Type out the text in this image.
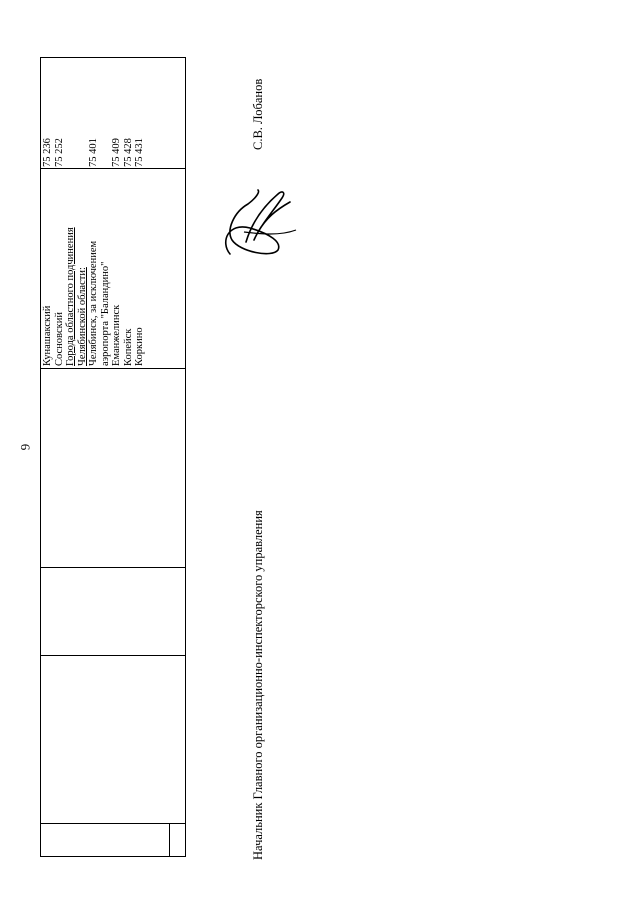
6
Кунашакский Сосновский Города областного подчинения Челябинской области: Челябинск, за исключением аэропорта "Баландино" Еманжелинск Копейск Коркино
75 236 75 252 75 401 75 409 75 428 75 431
Начальник Главного организационно-инспекторского управления
С.В. Лобанов
